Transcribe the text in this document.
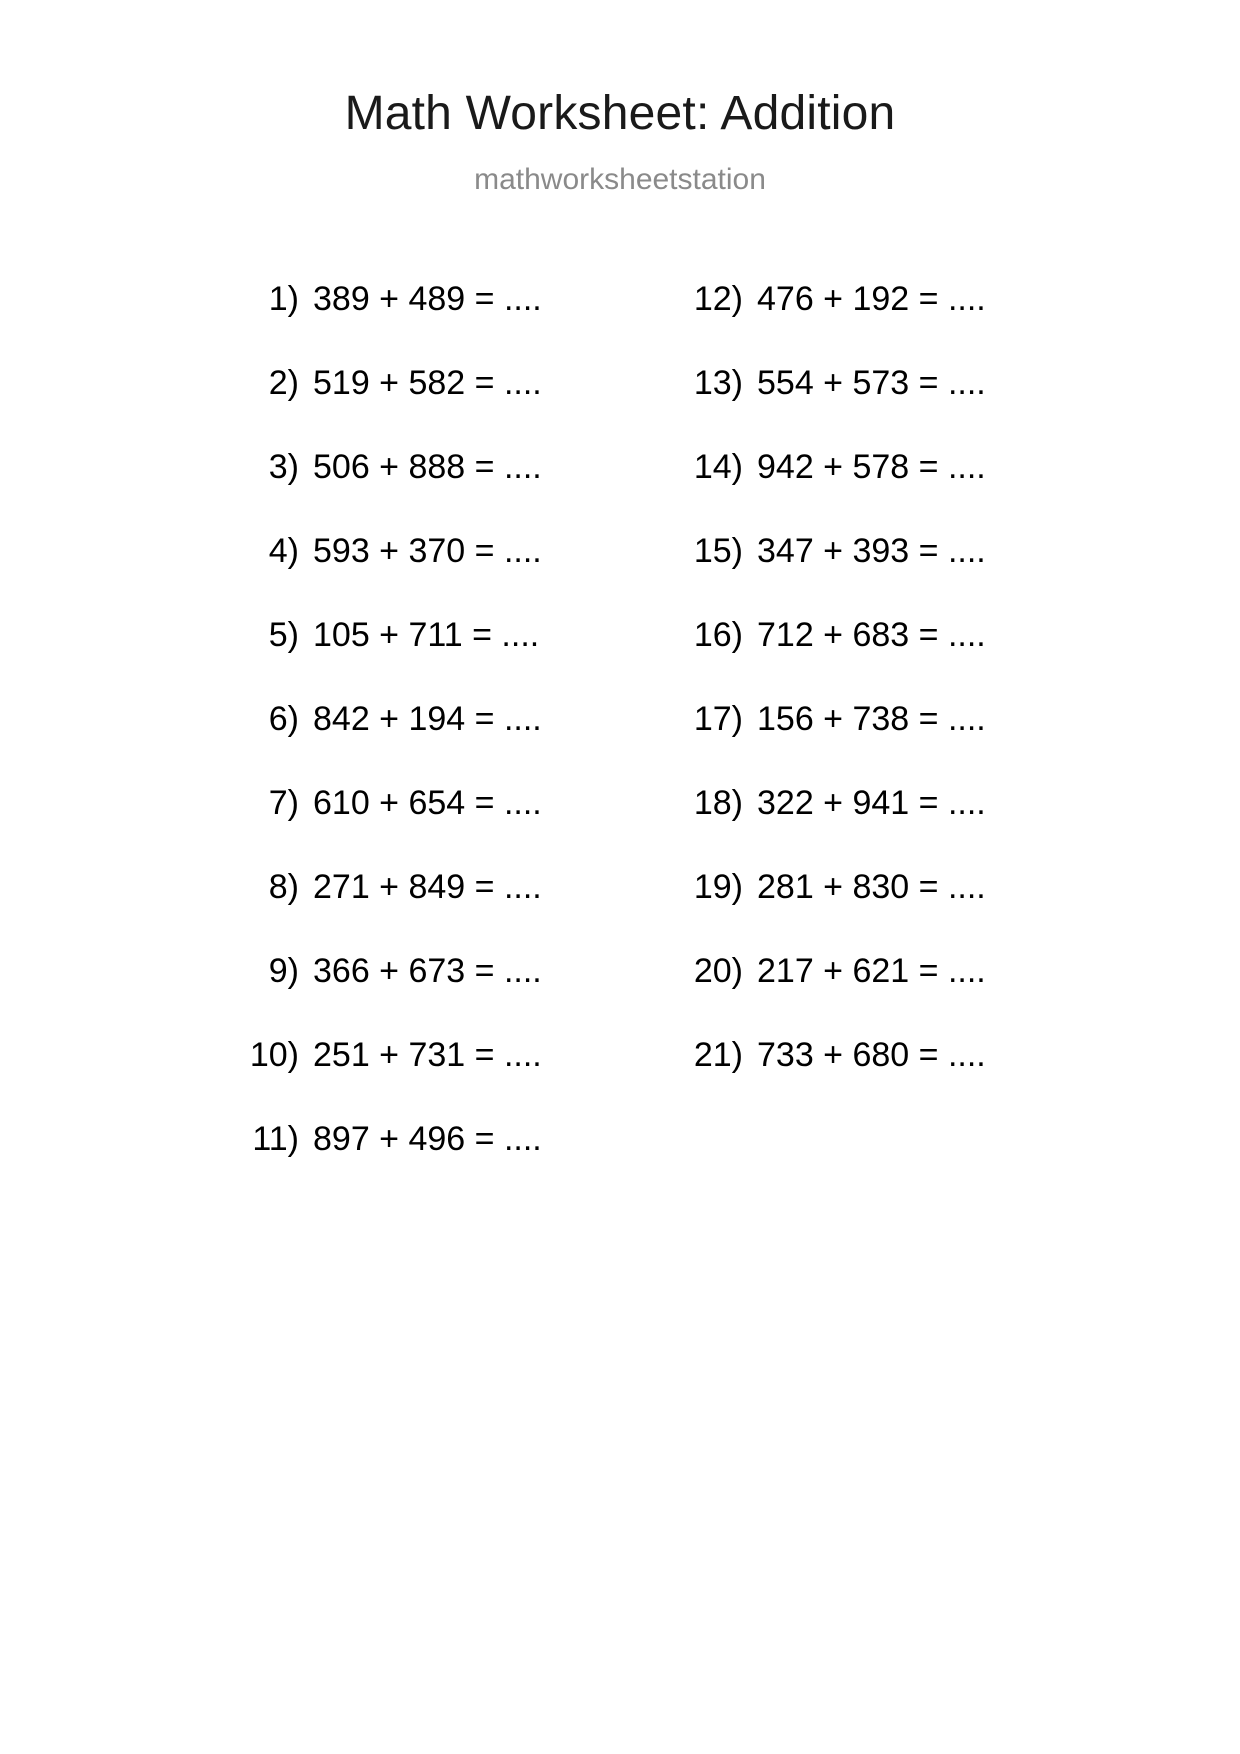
Math Worksheet: Addition
mathworksheetstation
1) 389 + 489 = ....
2) 519 + 582 = ....
3) 506 + 888 = ....
4) 593 + 370 = ....
5) 105 + 711 = ....
6) 842 + 194 = ....
7) 610 + 654 = ....
8) 271 + 849 = ....
9) 366 + 673 = ....
10) 251 + 731 = ....
11) 897 + 496 = ....
12) 476 + 192 = ....
13) 554 + 573 = ....
14) 942 + 578 = ....
15) 347 + 393 = ....
16) 712 + 683 = ....
17) 156 + 738 = ....
18) 322 + 941 = ....
19) 281 + 830 = ....
20) 217 + 621 = ....
21) 733 + 680 = ....
